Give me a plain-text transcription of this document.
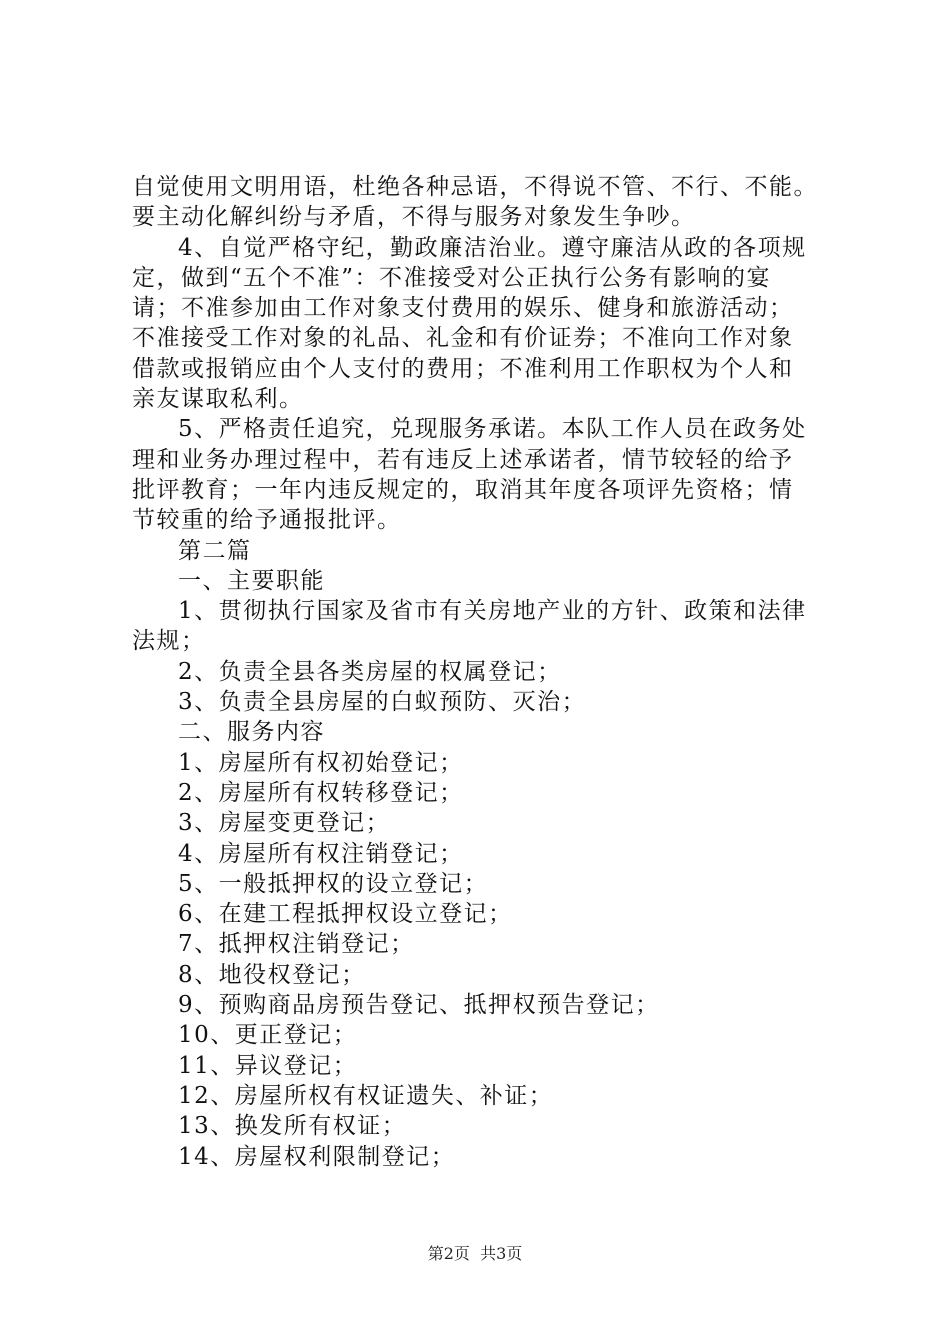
自觉使用文明用语，杜绝各种忌语，不得说不管、不行、不能。

要主动化解纠纷与矛盾，不得与服务对象发生争吵。

4、自觉严格守纪，勤政廉洁治业。遵守廉洁从政的各项规

定，做到“五个不准”：不准接受对公正执行公务有影响的宴

请；不准参加由工作对象支付费用的娱乐、健身和旅游活动；

不准接受工作对象的礼品、礼金和有价证券；不准向工作对象

借款或报销应由个人支付的费用；不准利用工作职权为个人和

亲友谋取私利。

5、严格责任追究，兑现服务承诺。本队工作人员在政务处

理和业务办理过程中，若有违反上述承诺者，情节较轻的给予

批评教育；一年内违反规定的，取消其年度各项评先资格；情

节较重的给予通报批评。

第二篇

一、主要职能

1、贯彻执行国家及省市有关房地产业的方针、政策和法律

法规；

2、负责全县各类房屋的权属登记；

3、负责全县房屋的白蚁预防、灭治；

二、服务内容

1、房屋所有权初始登记；

2、房屋所有权转移登记；

3、房屋变更登记；

4、房屋所有权注销登记；

5、一般抵押权的设立登记；

6、在建工程抵押权设立登记；

7、抵押权注销登记；

8、地役权登记；

9、预购商品房预告登记、抵押权预告登记；

10、更正登记；

11、异议登记；

12、房屋所权有权证遗失、补证；

13、换发所有权证；

14、房屋权利限制登记；

第2页  共3页
